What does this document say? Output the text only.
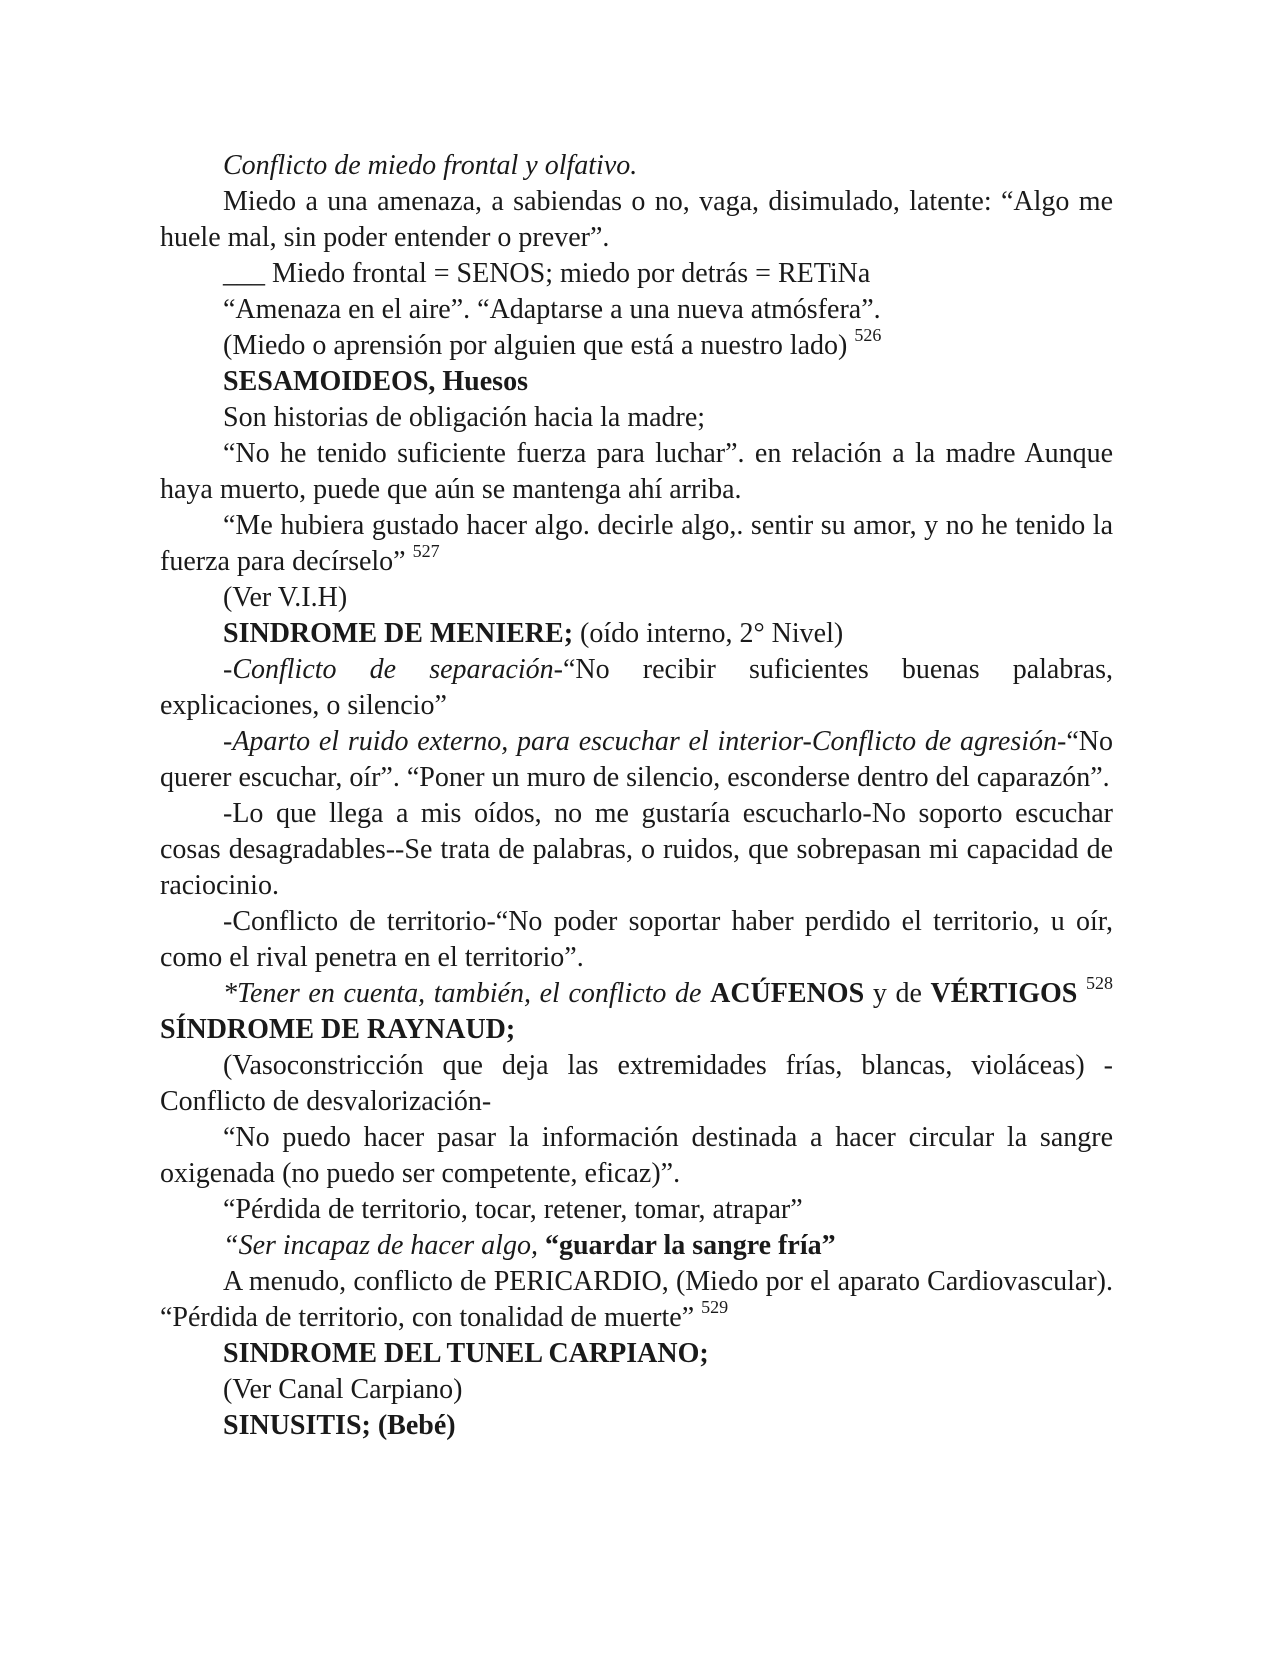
Conflicto de miedo frontal y olfativo.

Miedo a una amenaza, a sabiendas o no, vaga, disimulado, latente: “Algo me huele mal, sin poder entender o prever”.

___ Miedo frontal = SENOS; miedo por detrás = RETiNa

“Amenaza en el aire”. “Adaptarse a una nueva atmósfera”.

(Miedo o aprensión por alguien que está a nuestro lado) $^{526}$

SESAMOIDEOS, Huesos

Son historias de obligación hacia la madre;

“No he tenido suficiente fuerza para luchar”. en relación a la madre Aunque haya muerto, puede que aún se mantenga ahí arriba.

“Me hubiera gustado hacer algo. decirle algo,. sentir su amor, y no he tenido la fuerza para decírselo” $^{527}$

(Ver V.I.H)

SINDROME DE MENIERE; (oído interno, 2° Nivel)

-Conflicto de separación-“No recibir suficientes buenas palabras, explicaciones, o silencio”

-Aparto el ruido externo, para escuchar el interior-Conflicto de agresión-“No querer escuchar, oír”. “Poner un muro de silencio, esconderse dentro del caparazón”.

-Lo que llega a mis oídos, no me gustaría escucharlo-No soporto escuchar cosas desagradables--Se trata de palabras, o ruidos, que sobrepasan mi capacidad de raciocinio.

-Conflicto de territorio-“No poder soportar haber perdido el territorio, u oír, como el rival penetra en el territorio”.

*Tener en cuenta, también, el conflicto de ACÚFENOS y de VÉRTIGOS $^{528}$ SÍNDROME DE RAYNAUD;

(Vasoconstricción que deja las extremidades frías, blancas, violáceas) - Conflicto de desvalorización-

“No puedo hacer pasar la información destinada a hacer circular la sangre oxigenada (no puedo ser competente, eficaz)”.

“Pérdida de territorio, tocar, retener, tomar, atrapar”

“Ser incapaz de hacer algo, “guardar la sangre fría”

A menudo, conflicto de PERICARDIO, (Miedo por el aparato Cardiovascular). “Pérdida de territorio, con tonalidad de muerte” $^{529}$

SINDROME DEL TUNEL CARPIANO;

(Ver Canal Carpiano)

SINUSITIS; (Bebé)
